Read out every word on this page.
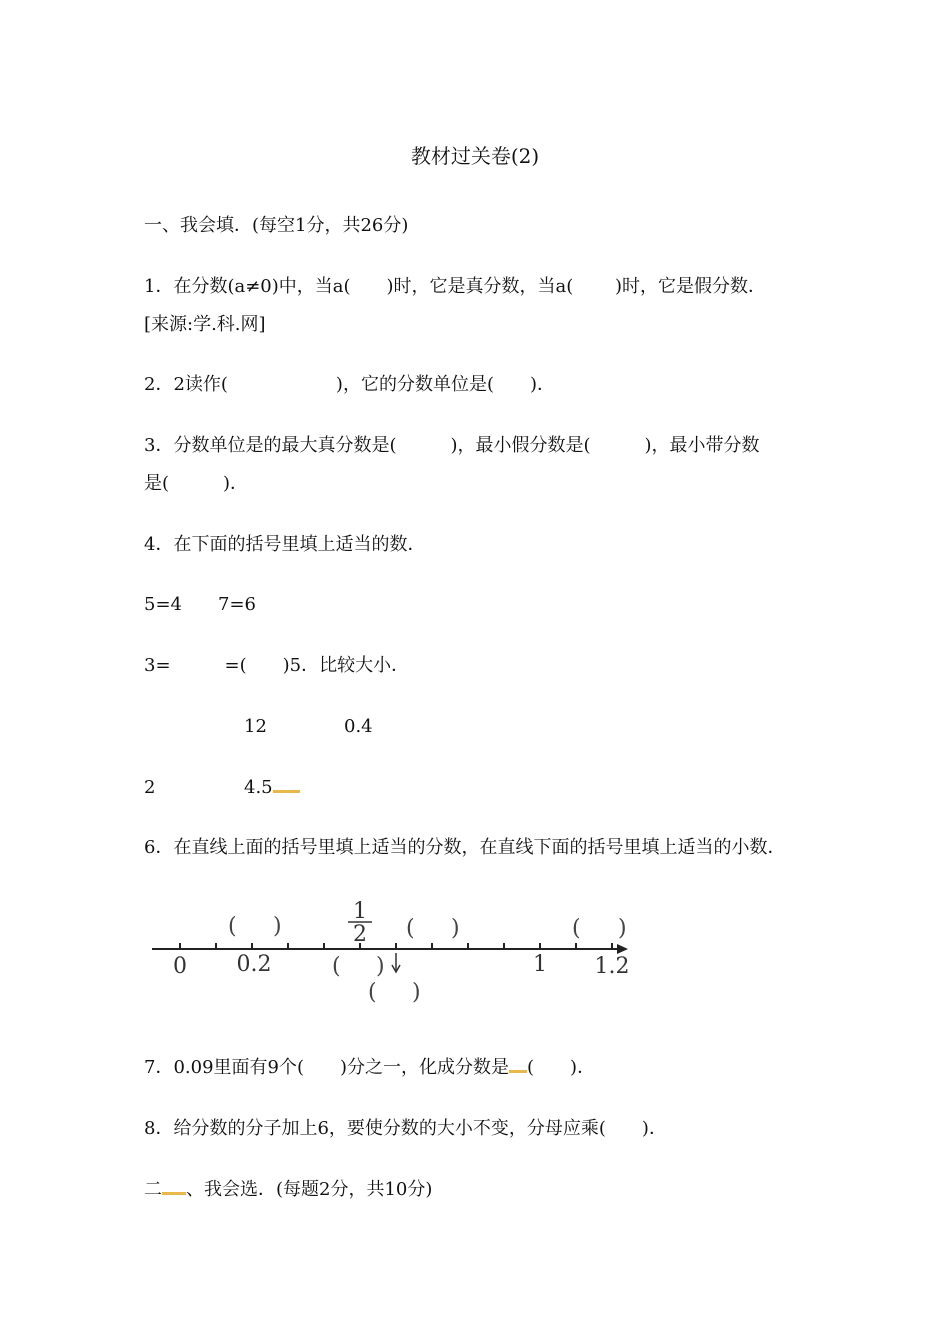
教材过关卷(2)
一、我会填．(每空1分，共26分)
1．在分数(a≠0)中，当a(　　)时，它是真分数，当a(　　 )时，它是假分数．
[来源:学.科.网]
2．2读作(　　　　　　)，它的分数单位是(　　)．
3．分数单位是的最大真分数是(　　　)，最小假分数是(　　　)，最小带分数
是(　　　)．
4．在下面的括号里填上适当的数．
5=4　　7=6
3=　　　=(　　)5．比较大小．
12	0.4
2	4.5
6．在直线上面的括号里填上适当的分数，在直线下面的括号里填上适当的小数．
0 0.2	1 1.2
1
2
( )	( )	( )
( )
( )
7．0.09里面有9个(　　)分之一，化成分数是 (　　)．
8．给分数的分子加上6，要使分数的大小不变，分母应乘(　　)．
二 、我会选．(每题2分，共10分)
